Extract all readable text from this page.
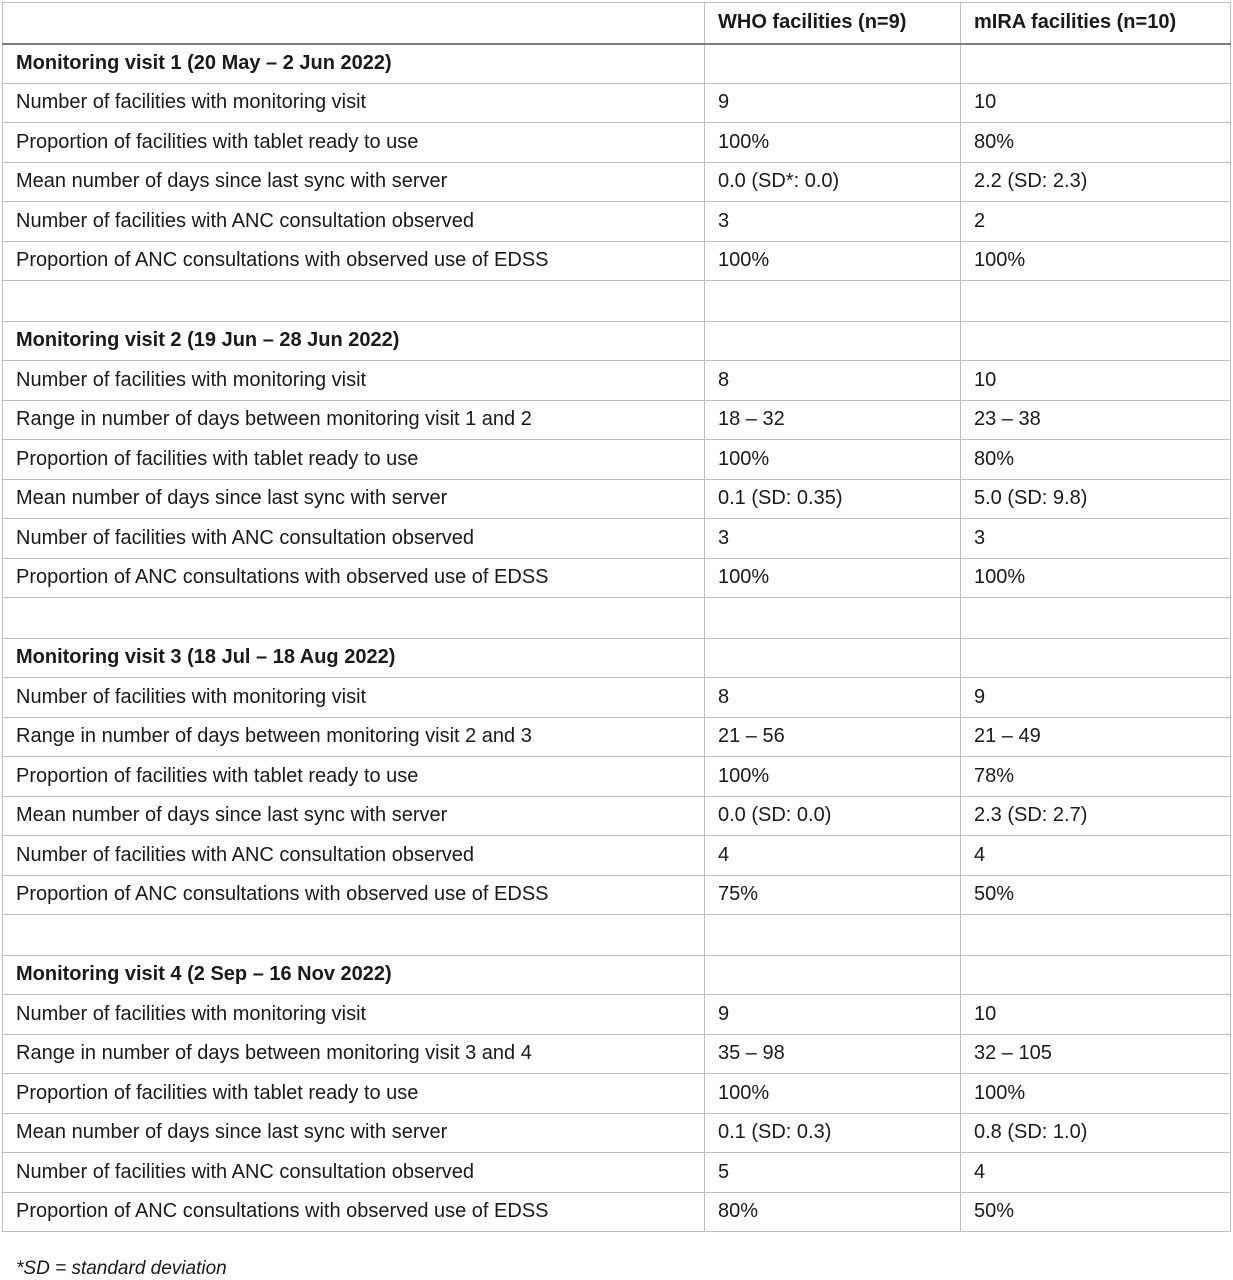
	WHO facilities (n=9)	mIRA facilities (n=10)
Monitoring visit 1 (20 May – 2 Jun 2022)		
Number of facilities with monitoring visit	9	10
Proportion of facilities with tablet ready to use	100%	80%
Mean number of days since last sync with server	0.0 (SD*: 0.0)	2.2 (SD: 2.3)
Number of facilities with ANC consultation observed	3	2
Proportion of ANC consultations with observed use of EDSS	100%	100%

Monitoring visit 2 (19 Jun – 28 Jun 2022)		
Number of facilities with monitoring visit	8	10
Range in number of days between monitoring visit 1 and 2	18 – 32	23 – 38
Proportion of facilities with tablet ready to use	100%	80%
Mean number of days since last sync with server	0.1 (SD: 0.35)	5.0 (SD: 9.8)
Number of facilities with ANC consultation observed	3	3
Proportion of ANC consultations with observed use of EDSS	100%	100%

Monitoring visit 3 (18 Jul – 18 Aug 2022)		
Number of facilities with monitoring visit	8	9
Range in number of days between monitoring visit 2 and 3	21 – 56	21 – 49
Proportion of facilities with tablet ready to use	100%	78%
Mean number of days since last sync with server	0.0 (SD: 0.0)	2.3 (SD: 2.7)
Number of facilities with ANC consultation observed	4	4
Proportion of ANC consultations with observed use of EDSS	75%	50%

Monitoring visit 4 (2 Sep – 16 Nov 2022)		
Number of facilities with monitoring visit	9	10
Range in number of days between monitoring visit 3 and 4	35 – 98	32 – 105
Proportion of facilities with tablet ready to use	100%	100%
Mean number of days since last sync with server	0.1 (SD: 0.3)	0.8 (SD: 1.0)
Number of facilities with ANC consultation observed	5	4
Proportion of ANC consultations with observed use of EDSS	80%	50%
*SD = standard deviation
